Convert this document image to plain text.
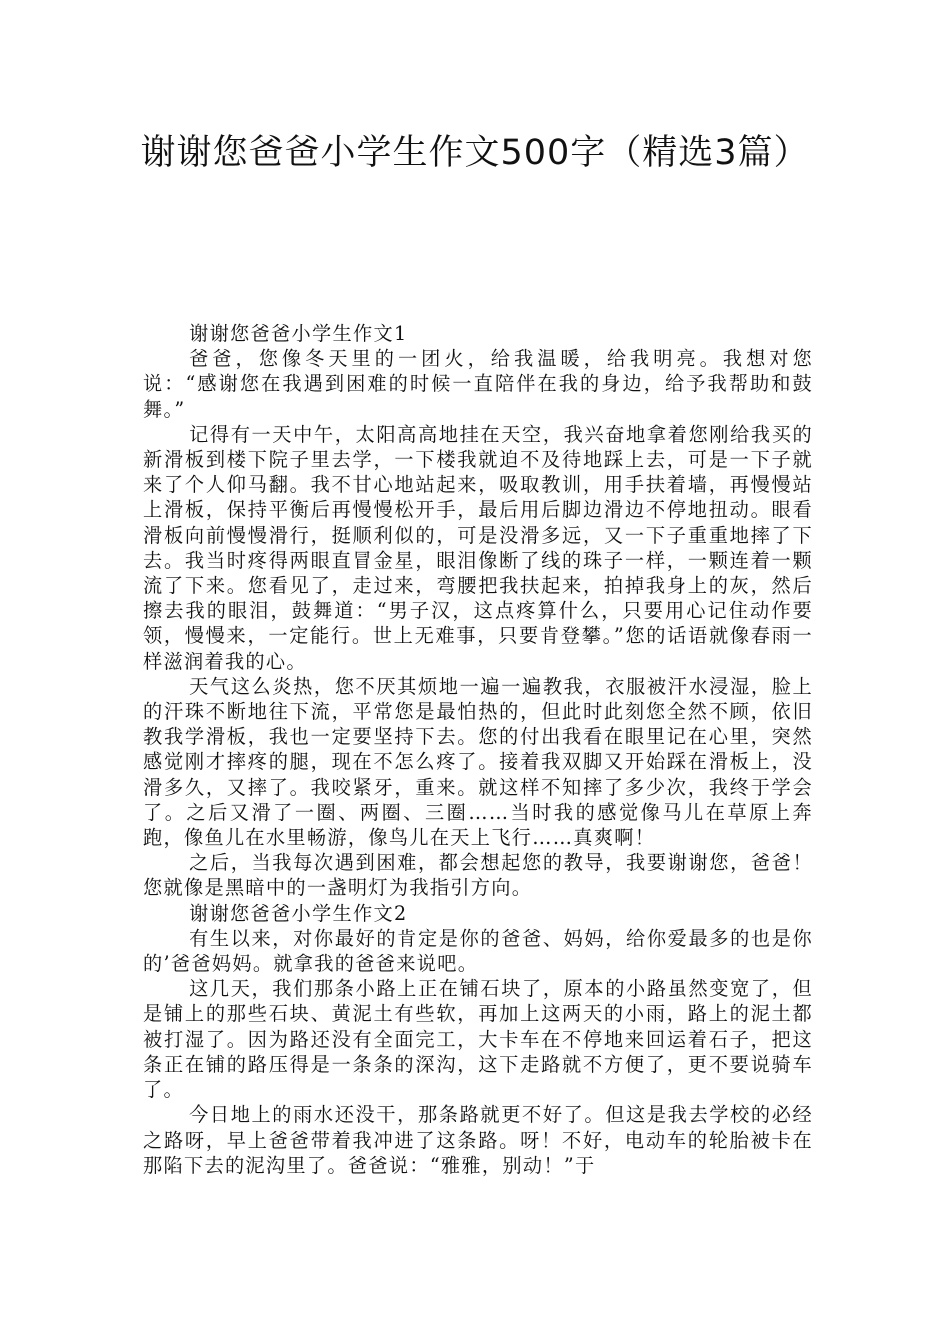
谢谢您爸爸小学生作文500字（精选3篇）

谢谢您爸爸小学生作文1

爸爸，您像冬天里的一团火，给我温暖，给我明亮。我想对您说：“感谢您在我遇到困难的时候一直陪伴在我的身边，给予我帮助和鼓舞。”

记得有一天中午，太阳高高地挂在天空，我兴奋地拿着您刚给我买的新滑板到楼下院子里去学，一下楼我就迫不及待地踩上去，可是一下子就来了个人仰马翻。我不甘心地站起来，吸取教训，用手扶着墙，再慢慢站上滑板，保持平衡后再慢慢松开手，最后用后脚边滑边不停地扭动。眼看滑板向前慢慢滑行，挺顺利似的，可是没滑多远，又一下子重重地摔了下去。我当时疼得两眼直冒金星，眼泪像断了线的珠子一样，一颗连着一颗流了下来。您看见了，走过来，弯腰把我扶起来，拍掉我身上的灰，然后擦去我的眼泪，鼓舞道：“男子汉，这点疼算什么，只要用心记住动作要领，慢慢来，一定能行。世上无难事，只要肯登攀。”您的话语就像春雨一样滋润着我的心。

天气这么炎热，您不厌其烦地一遍一遍教我，衣服被汗水浸湿，脸上的汗珠不断地往下流，平常您是最怕热的，但此时此刻您全然不顾，依旧教我学滑板，我也一定要坚持下去。您的付出我看在眼里记在心里，突然感觉刚才摔疼的腿，现在不怎么疼了。接着我双脚又开始踩在滑板上，没滑多久，又摔了。我咬紧牙，重来。就这样不知摔了多少次，我终于学会了。之后又滑了一圈、两圈、三圈……当时我的感觉像马儿在草原上奔跑，像鱼儿在水里畅游，像鸟儿在天上飞行……真爽啊！

之后，当我每次遇到困难，都会想起您的教导，我要谢谢您，爸爸！您就像是黑暗中的一盏明灯为我指引方向。

谢谢您爸爸小学生作文2

有生以来，对你最好的肯定是你的爸爸、妈妈，给你爱最多的也是你的’爸爸妈妈。就拿我的爸爸来说吧。

这几天，我们那条小路上正在铺石块了，原本的小路虽然变宽了，但是铺上的那些石块、黄泥土有些软，再加上这两天的小雨，路上的泥土都被打湿了。因为路还没有全面完工，大卡车在不停地来回运着石子，把这条正在铺的路压得是一条条的深沟，这下走路就不方便了，更不要说骑车了。

今日地上的雨水还没干，那条路就更不好了。但这是我去学校的必经之路呀，早上爸爸带着我冲进了这条路。呀！不好，电动车的轮胎被卡在那陷下去的泥沟里了。爸爸说：“雅雅，别动！”于
